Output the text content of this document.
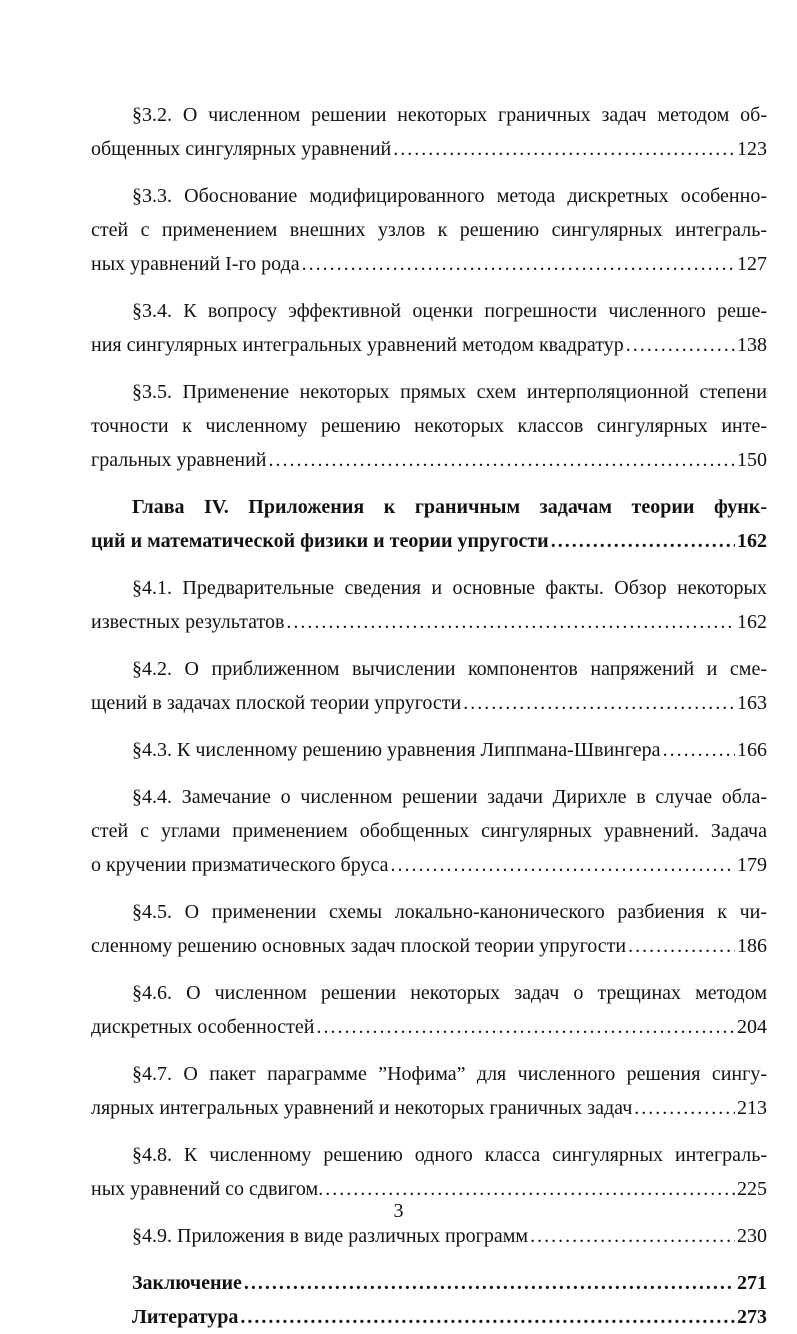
§3.2. О численном решении некоторых граничных задач методом об-
общенных сингулярных уравнений .....	123
§3.3. Обоснование модифицированного метода дискретных особенно-
стей с применением внешних узлов к решению сингулярных интеграль-
ных уравнений I-го рода .....	127
§3.4. К вопросу эффективной оценки погрешности численного реше-
ния сингулярных интегральных уравнений методом квадратур .....	138
§3.5. Применение некоторых прямых схем интерполяционной степени
точности к численному решению некоторых классов сингулярных инте-
гральных уравнений .....	150
Глава IV. Приложения к граничным задачам теории функ-
ций и математической физики и теории упругости .....	162
§4.1. Предварительные сведения и основные факты. Обзор некоторых
известных результатов .....	162
§4.2. О приближенном вычислении компонентов напряжений и сме-
щений в задачах плоской теории упругости .....	163
§4.3. К численному решению уравнения Липпмана-Швингера .....	166
§4.4. Замечание о численном решении задачи Дирихле в случае обла-
стей с углами применением обобщенных сингулярных уравнений. Задача
о кручении призматического бруса .....	179
§4.5. О применении схемы локально-канонического разбиения к чи-
сленному решению основных задач плоской теории упругости .....	186
§4.6. О численном решении некоторых задач о трещинах методом
дискретных особенностей .....	204
§4.7. О пакет параграмме ”Нофима” для численного решения сингу-
лярных интегральных уравнений и некоторых граничных задач .....	213
§4.8. К численному решению одного класса сингулярных интеграль-
ных уравнений со сдвигом. .....	225
§4.9. Приложения в виде различных программ .....	230
Заключение .....	271
Литература .....	273
3
